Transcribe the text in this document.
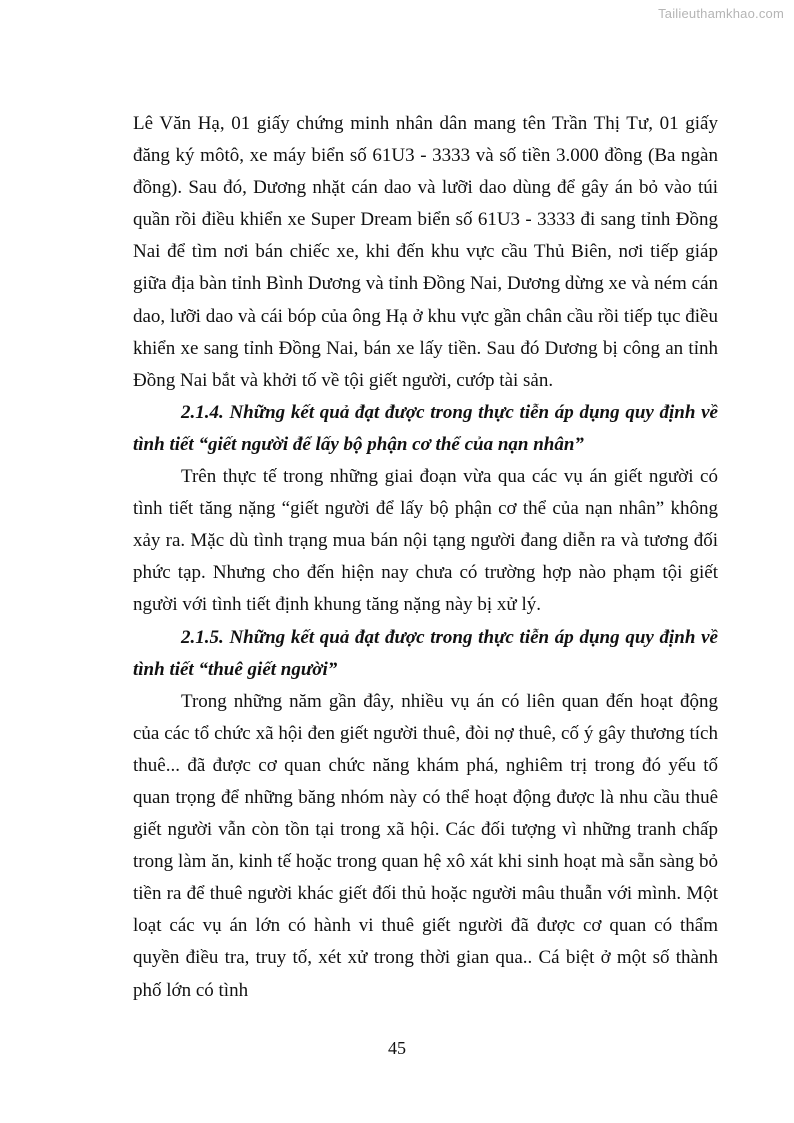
Tailieuthamkhao.com

Lê Văn Hạ, 01 giấy chứng minh nhân dân mang tên Trần Thị Tư, 01 giấy đăng ký môtô, xe máy biển số 61U3 - 3333 và số tiền 3.000 đồng (Ba ngàn đồng). Sau đó, Dương nhặt cán dao và lưỡi dao dùng để gây án bỏ vào túi quần rồi điều khiển xe Super Dream biển số 61U3 - 3333 đi sang tỉnh Đồng Nai để tìm nơi bán chiếc xe, khi đến khu vực cầu Thủ Biên, nơi tiếp giáp giữa địa bàn tỉnh Bình Dương và tỉnh Đồng Nai, Dương dừng xe và ném cán dao, lưỡi dao và cái bóp của ông Hạ ở khu vực gần chân cầu rồi tiếp tục điều khiển xe sang tỉnh Đồng Nai, bán xe lấy tiền. Sau đó Dương bị công an tỉnh Đồng Nai bắt và khởi tố về tội giết người, cướp tài sản.

2.1.4. Những kết quả đạt được trong thực tiễn áp dụng quy định về tình tiết “giết người để lấy bộ phận cơ thể của nạn nhân”

Trên thực tế trong những giai đoạn vừa qua các vụ án giết người có tình tiết tăng nặng “giết người để lấy bộ phận cơ thể của nạn nhân” không xảy ra. Mặc dù tình trạng mua bán nội tạng người đang diễn ra và tương đối phức tạp. Nhưng cho đến hiện nay chưa có trường hợp nào phạm tội giết người với tình tiết định khung tăng nặng này bị xử lý.

2.1.5. Những kết quả đạt được trong thực tiễn áp dụng quy định về tình tiết “thuê giết người”

Trong những năm gần đây, nhiều vụ án có liên quan đến hoạt động của các tổ chức xã hội đen giết người thuê, đòi nợ thuê, cố ý gây thương tích thuê... đã được cơ quan chức năng khám phá, nghiêm trị trong đó yếu tố quan trọng để những băng nhóm này có thể hoạt động được là nhu cầu thuê giết người vẫn còn tồn tại trong xã hội. Các đối tượng vì những tranh chấp trong làm ăn, kinh tế hoặc trong quan hệ xô xát khi sinh hoạt mà sẵn sàng bỏ tiền ra để thuê người khác giết đối thủ hoặc người mâu thuẫn với mình. Một loạt các vụ án lớn có hành vi thuê giết người đã được cơ quan có thẩm quyền điều tra, truy tố, xét xử trong thời gian qua.. Cá biệt ở một số thành phố lớn có tình

45
